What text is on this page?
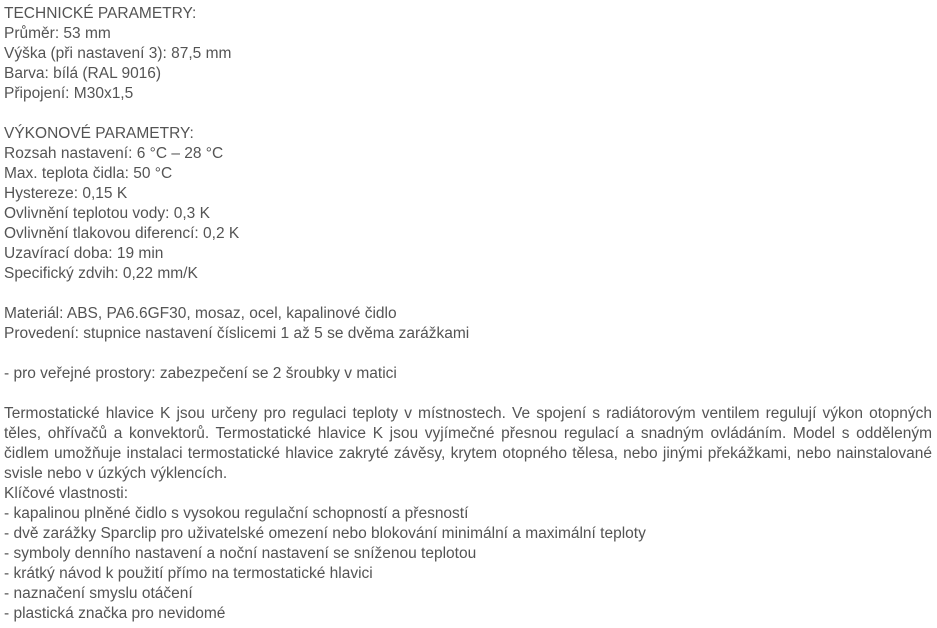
TECHNICKÉ PARAMETRY:
Průměr: 53 mm
Výška (při nastavení 3): 87,5 mm
Barva: bílá (RAL 9016)
Připojení: M30x1,5
VÝKONOVÉ PARAMETRY:
Rozsah nastavení: 6 °C – 28 °C
Max. teplota čidla: 50 °C
Hystereze: 0,15 K
Ovlivnění teplotou vody: 0,3 K
Ovlivnění tlakovou diferencí: 0,2 K
Uzavírací doba: 19 min
Specifický zdvih: 0,22 mm/K
Materiál: ABS, PA6.6GF30, mosaz, ocel, kapalinové čidlo
Provedení: stupnice nastavení číslicemi 1 až 5 se dvěma zarážkami
- pro veřejné prostory: zabezpečení se 2 šroubky v matici
Termostatické hlavice K jsou určeny pro regulaci teploty v místnostech. Ve spojení s radiátorovým ventilem regulují výkon otopných těles, ohřívačů a konvektorů. Termostatické hlavice K jsou vyjímečné přesnou regulací a snadným ovládáním. Model s odděleným čidlem umožňuje instalaci termostatické hlavice zakryté závěsy, krytem otopného tělesa, nebo jinými překážkami, nebo nainstalované svisle nebo v úzkých výklencích.
Klíčové vlastnosti:
- kapalinou plněné čidlo s vysokou regulační schopností a přesností
- dvě zarážky Sparclip pro uživatelské omezení nebo blokování minimální a maximální teploty
- symboly denního nastavení a noční nastavení se sníženou teplotou
- krátký návod k použití přímo na termostatické hlavici
- naznačení smyslu otáčení
- plastická značka pro nevidomé
